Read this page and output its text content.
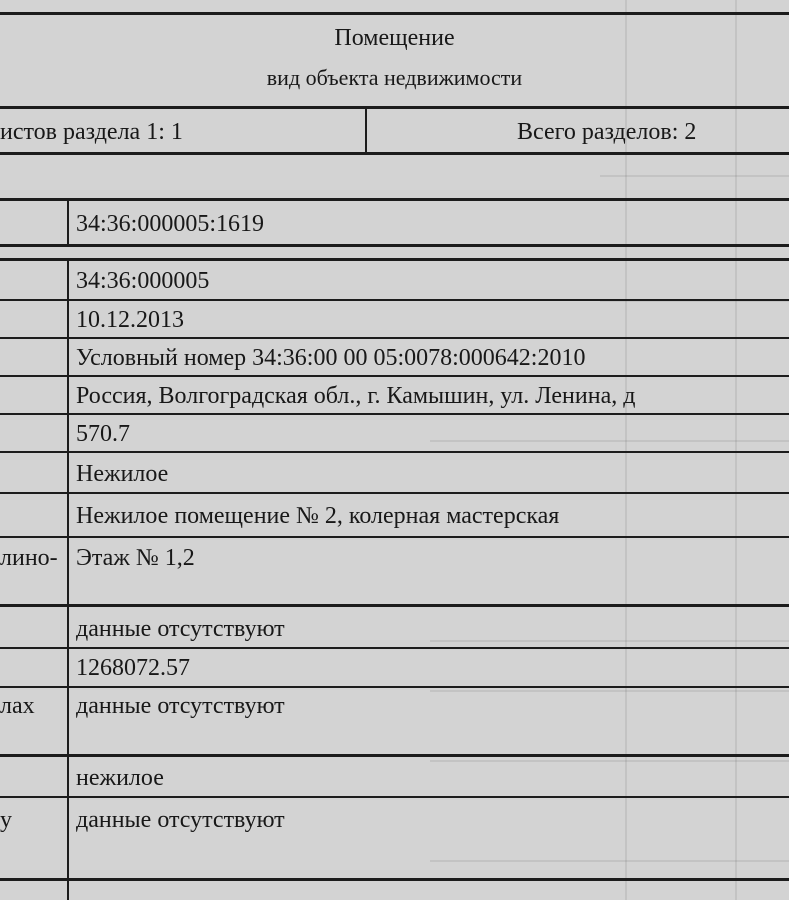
Помещение
вид объекта недвижимости
истов раздела 1: 1	Всего разделов: 2
34:36:000005:1619
34:36:000005
10.12.2013
Условный номер 34:36:00 00 05:0078:000642:2010
Россия, Волгоградская обл., г. Камышин, ул. Ленина, д
570.7
Нежилое
Нежилое помещение № 2, колерная мастерская
лино- Этаж № 1,2
данные отсутствуют
1268072.57
лах данные отсутствуют
нежилое
у	данные отсутствуют
